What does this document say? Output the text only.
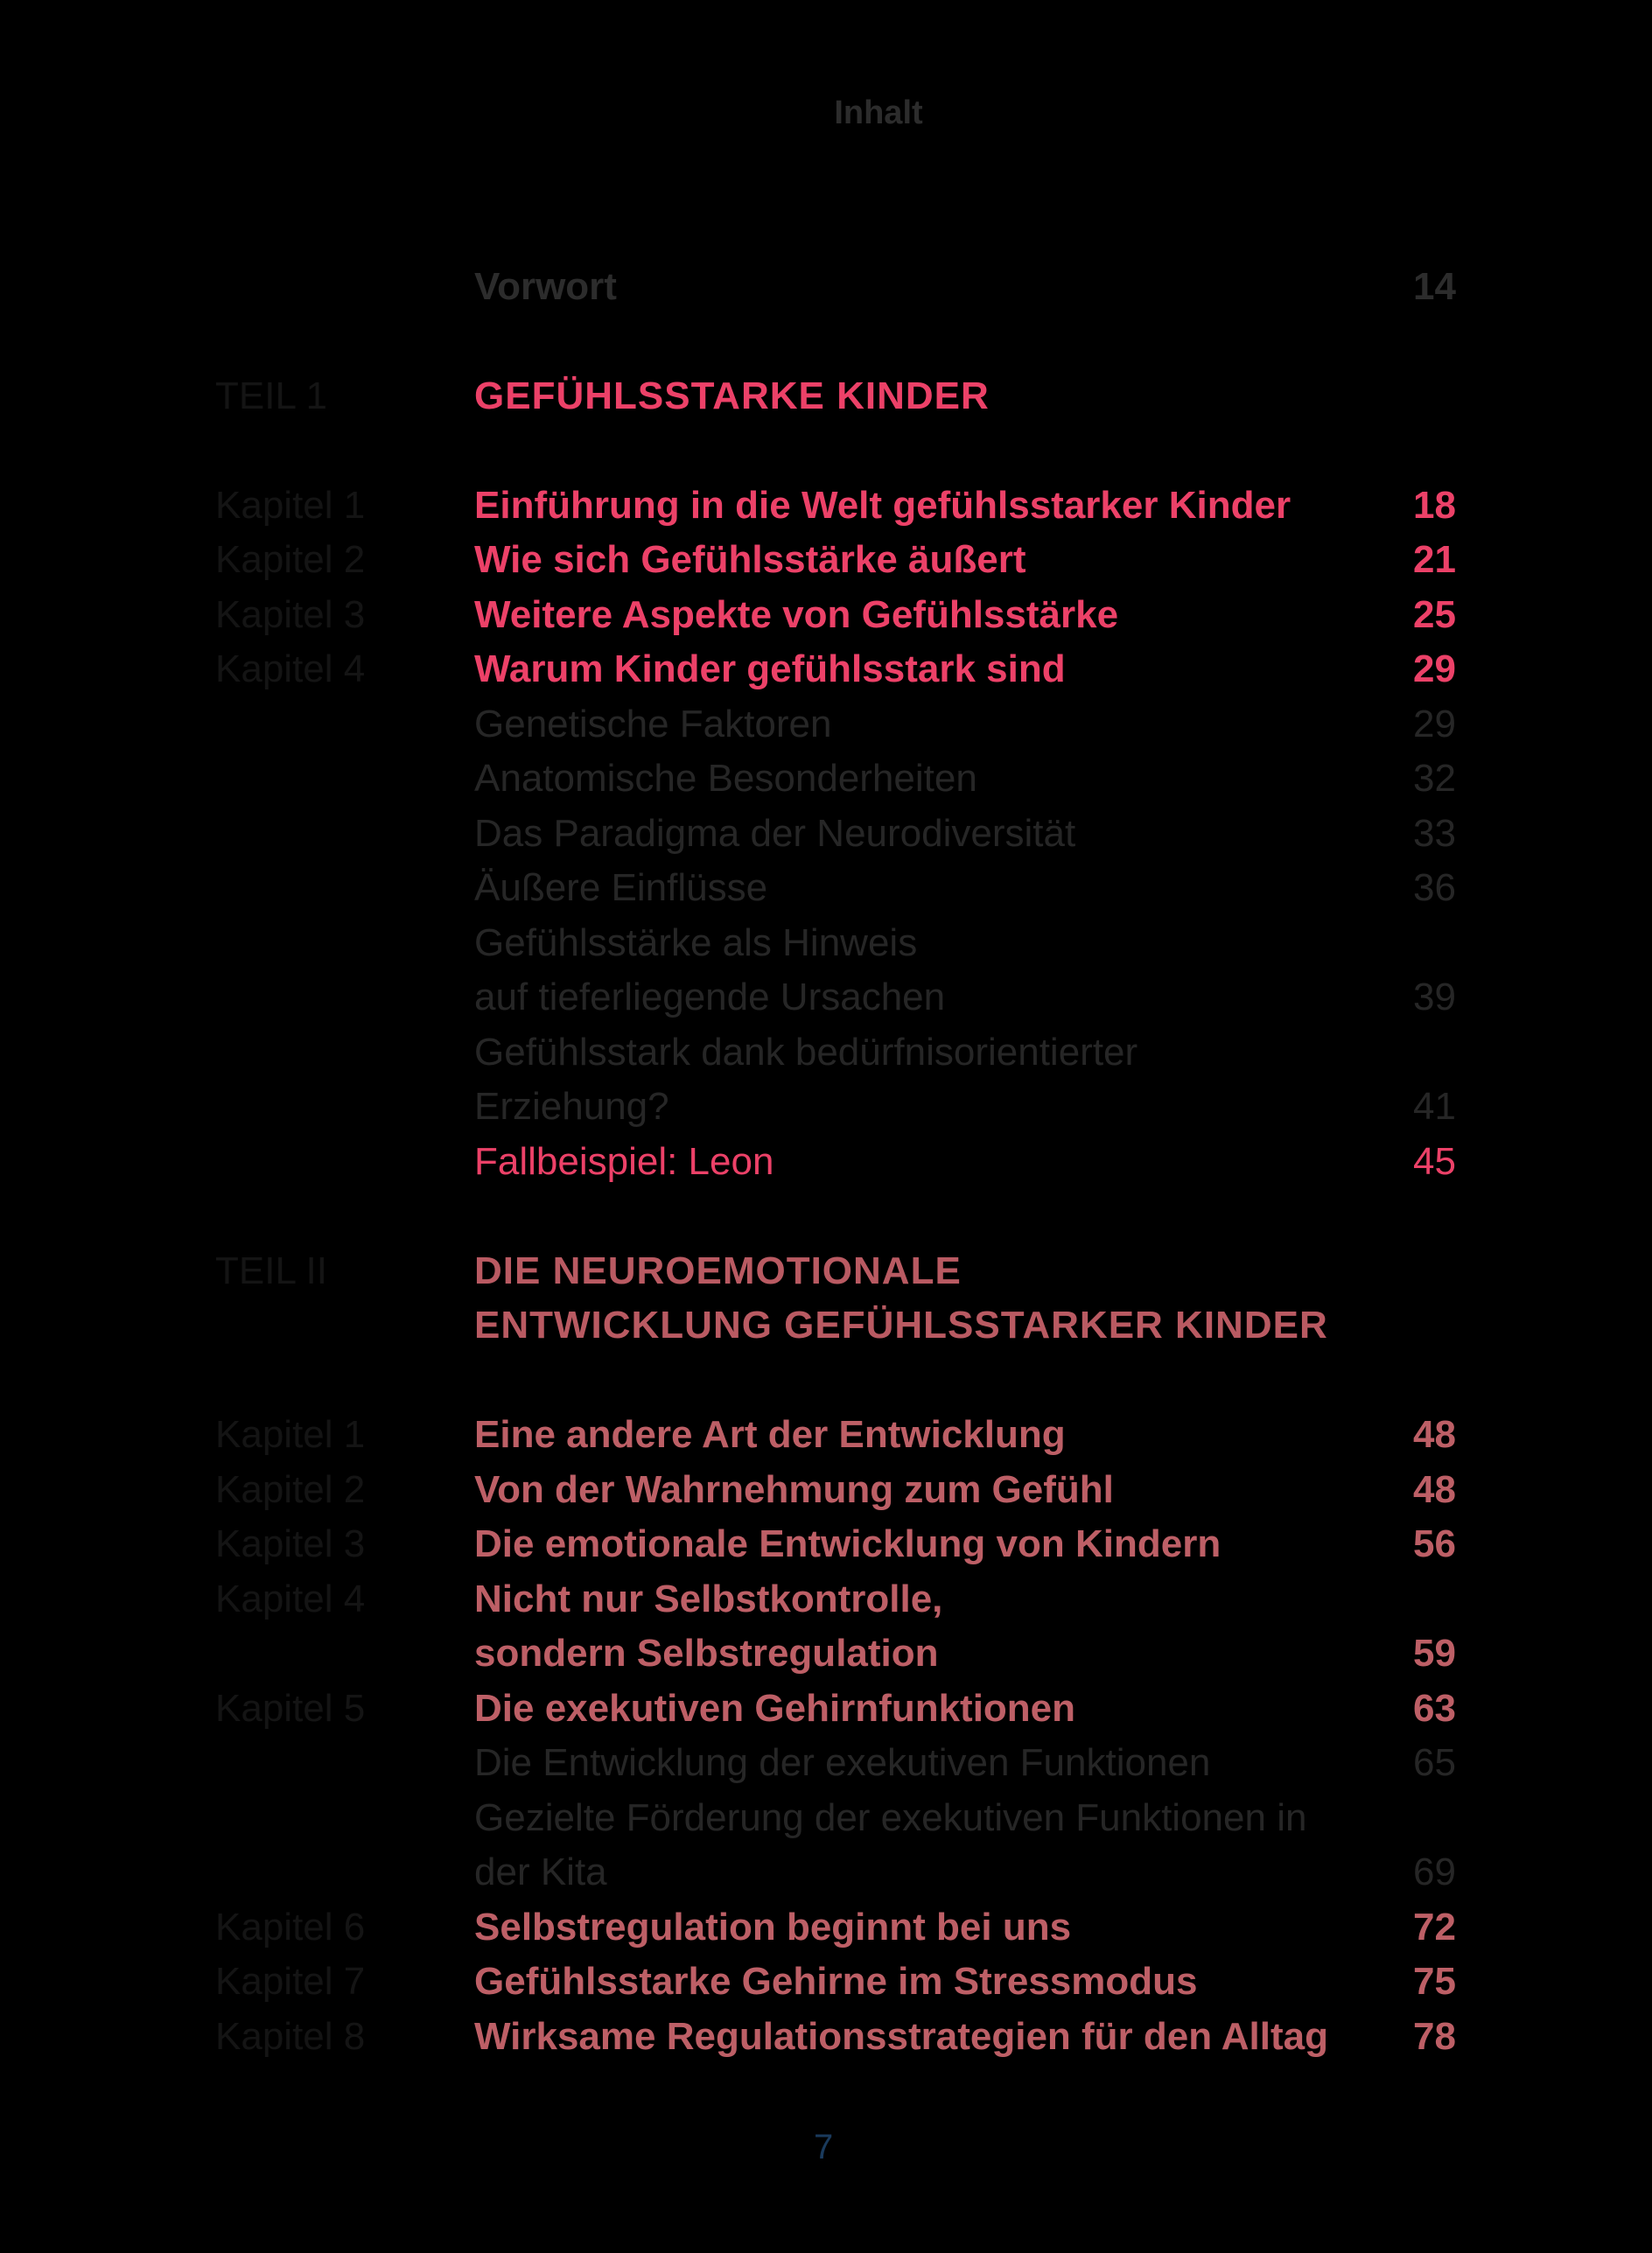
Inhalt
Vorwort	14
TEIL 1	GEFÜHLSSTARKE KINDER
Kapitel 1	Einführung in die Welt gefühlsstarker Kinder	18
Kapitel 2	Wie sich Gefühlsstärke äußert	21
Kapitel 3	Weitere Aspekte von Gefühlsstärke	25
Kapitel 4	Warum Kinder gefühlsstark sind	29
Genetische Faktoren	29
Anatomische Besonderheiten	32
Das Paradigma der Neurodiversität	33
Äußere Einflüsse	36
Gefühlsstärke als Hinweis
auf tieferliegende Ursachen	39
Gefühlsstark dank bedürfnisorientierter
Erziehung?	41
Fallbeispiel: Leon	45
TEIL II	DIE NEUROEMOTIONALE
ENTWICKLUNG GEFÜHLSSTARKER KINDER
Kapitel 1	Eine andere Art der Entwicklung	48
Kapitel 2	Von der Wahrnehmung zum Gefühl	48
Kapitel 3	Die emotionale Entwicklung von Kindern	56
Kapitel 4	Nicht nur Selbstkontrolle,
sondern Selbstregulation	59
Kapitel 5	Die exekutiven Gehirnfunktionen	63
Die Entwicklung der exekutiven Funktionen	65
Gezielte Förderung der exekutiven Funktionen in
der Kita	69
Kapitel 6	Selbstregulation beginnt bei uns	72
Kapitel 7	Gefühlsstarke Gehirne im Stressmodus	75
Kapitel 8	Wirksame Regulationsstrategien für den Alltag 78
7
